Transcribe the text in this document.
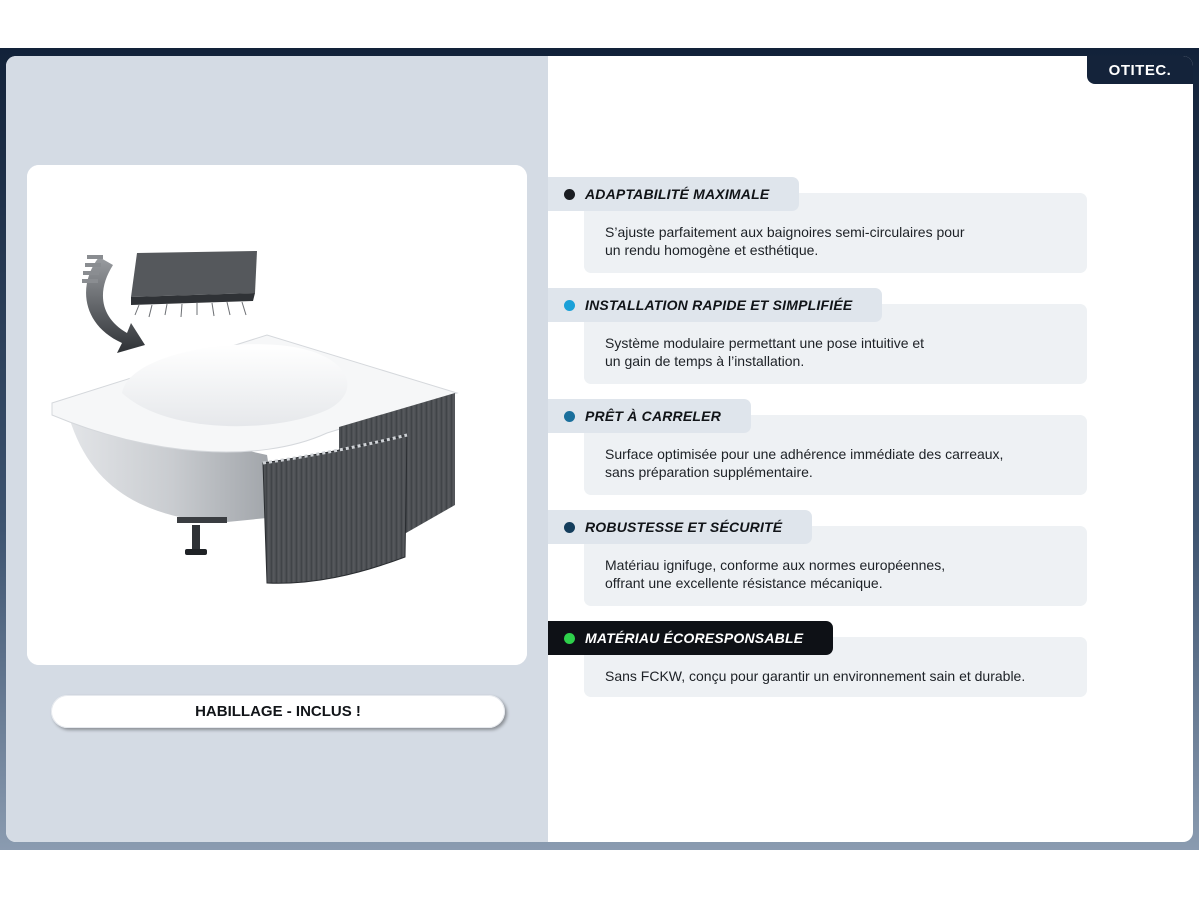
HABILLAGE - INCLUS !
OTITEC.

S’ajuste parfaitement aux baignoires semi-circulaires pour

un rendu homogène et esthétique.

ADAPTABILITÉ MAXIMALE

Système modulaire permettant une pose intuitive et

un gain de temps à l’installation.

INSTALLATION RAPIDE ET SIMPLIFIÉE

Surface optimisée pour une adhérence immédiate des carreaux,

sans préparation supplémentaire.

PRÊT À CARRELER

Matériau ignifuge, conforme aux normes européennes,

offrant une excellente résistance mécanique.

ROBUSTESSE ET SÉCURITÉ

Sans FCKW, conçu pour garantir un environnement sain et durable.

MATÉRIAU ÉCORESPONSABLE
